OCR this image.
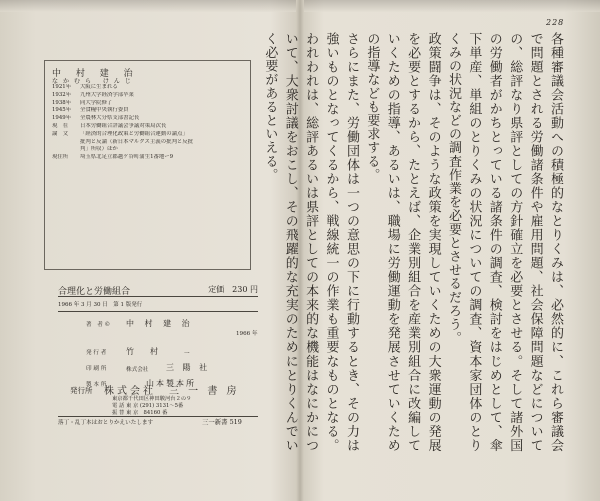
中 村 建 治
なかむら けんじ
1921年	大阪に生まれる
1932年	九州大学経済学部卒業
1938年	同大学院修了
1945年	全食糧中央執行委員
1949年	全農林大分県支部書記長
現　在	日本労働組合評議会争議対策局次長
論　文	「経済的合理化政策と労働組合運動の論点」
批判と反論（新日本マルクス主義の批判と反批
判」所収）ほか
現住所	埼玉県北足立郡越ケ谷町蒲生1番地ー9
合理化と労働組合	定価　230 円
1966 年 3 月 30 日　第 1 版発行
著　者 © 中 村 建 治
発 行 者 竹　村	一
印 刷 所	株式会社 三 陽 社
製 本 所	山本製本所
1966 年
発行所 株式会社　三 一 書 房
東京都千代田区神田駿河台２の９
電 話 東 京 (291) 3131～5番
振 替 東 京　84160 番
落丁・乱丁本はおとりかえいたします	三一新書 519
228

各種審議会活動への積極的なとりくみは、必然的に、これら審議会で問題とされる労働諸条件や雇用問題、社会保障問題などについての、総評なり県評としての方針確立を必要とさせる。そして諸外国の労働者がかちとっている諸条件の調査、検討をはじめとして、傘下単産、単組のとりくみの状況についての調査、資本家団体のとりくみの状況などの調査作業を必要とさせるだろう。

政策闘争は、そのような政策を実現していくための大衆運動の発展を必要とするから、たとえば、企業別組合を産業別組合に改編していくための指導、あるいは、職場に労働運動を発展させていくための指導なども要求する。

さらにまた、労働団体は一つの意思の下に行動するとき、その力は強いものとなってくるから、戦線統一の作業も重要なものとなる。われわれは、総評あるいは県評としての本来的な機能はなにかについて、大衆討議をおこし、その飛躍的な充実のためにとりくんでいく必要があるといえる。
